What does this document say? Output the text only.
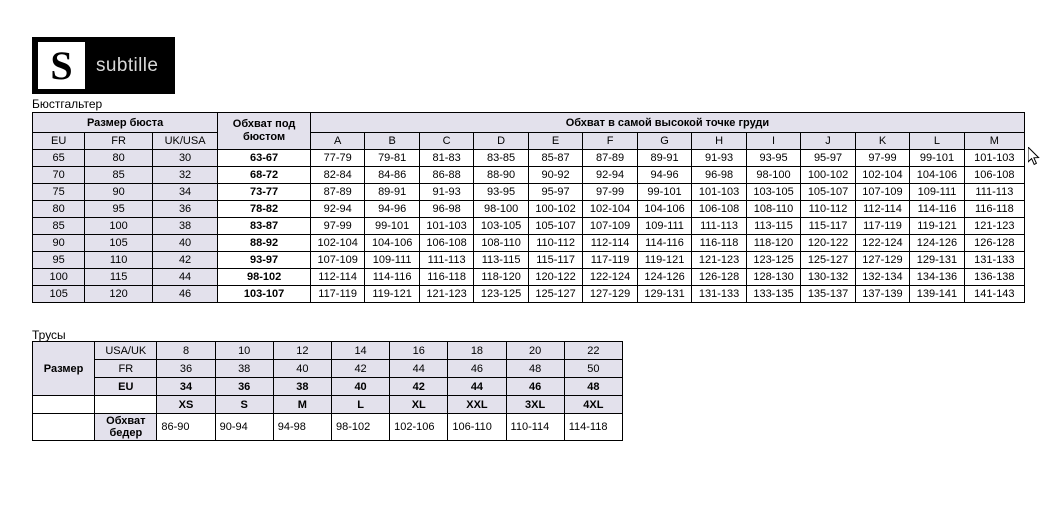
S	subtille
Бюстгальтер
Трусы
Размер бюста			Обхват под бюстом	Обхват в самой высокой точке груди												
EU	FR	UK/USA		A	B	C	D	E	F	G	H	I	J	K	L	M
65	80	30	63-67	77-79	79-81	81-83	83-85	85-87	87-89	89-91	91-93	93-95	95-97	97-99	99-101	101-103
70	85	32	68-72	82-84	84-86	86-88	88-90	90-92	92-94	94-96	96-98	98-100	100-102	102-104	104-106	106-108
75	90	34	73-77	87-89	89-91	91-93	93-95	95-97	97-99	99-101	101-103	103-105	105-107	107-109	109-111	111-113
80	95	36	78-82	92-94	94-96	96-98	98-100	100-102	102-104	104-106	106-108	108-110	110-112	112-114	114-116	116-118
85	100	38	83-87	97-99	99-101	101-103	103-105	105-107	107-109	109-111	111-113	113-115	115-117	117-119	119-121	121-123
90	105	40	88-92	102-104	104-106	106-108	108-110	110-112	112-114	114-116	116-118	118-120	120-122	122-124	124-126	126-128
95	110	42	93-97	107-109	109-111	111-113	113-115	115-117	117-119	119-121	121-123	123-125	125-127	127-129	129-131	131-133
100	115	44	98-102	112-114	114-116	116-118	118-120	120-122	122-124	124-126	126-128	128-130	130-132	132-134	134-136	136-138
105	120	46	103-107	117-119	119-121	121-123	123-125	125-127	127-129	129-131	131-133	133-135	135-137	137-139	139-141	141-143
Размер	USA/UK	8	10	12	14	16	18	20	22
	FR	36	38	40	42	44	46	48	50
	EU	34	36	38	40	42	44	46	48
		XS	S	M	L	XL	XXL	3XL	4XL
	Обхват бедер	86-90	90-94	94-98	98-102	102-106	106-110	110-114	114-118
